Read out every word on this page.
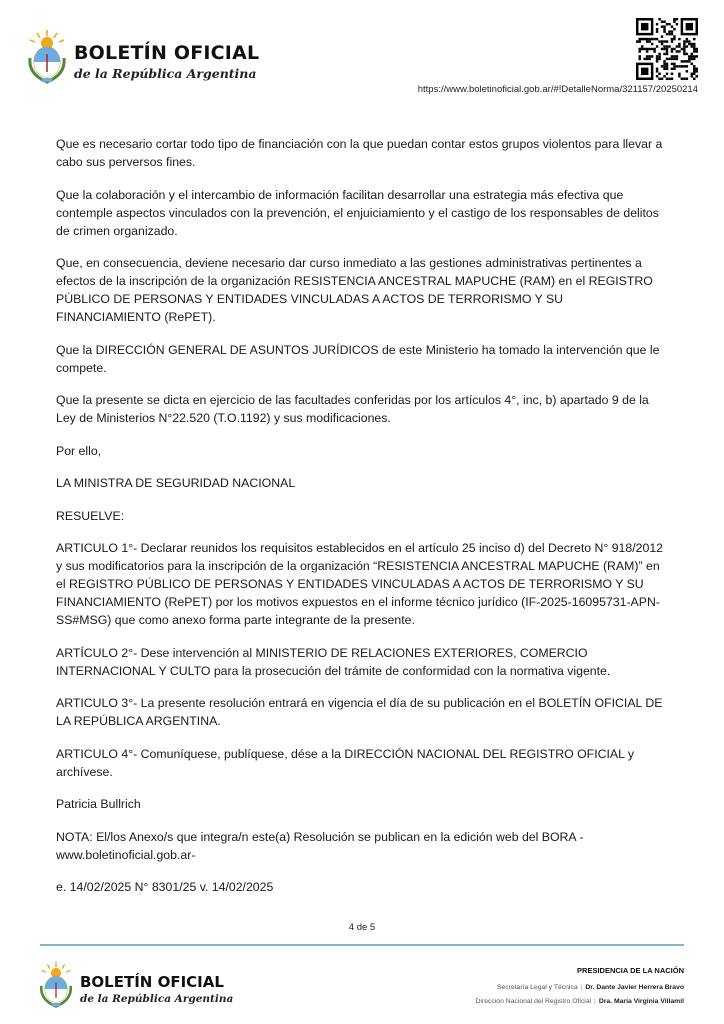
BOLETÍN OFICIAL
de la República Argentina
https://www.boletinoficial.gob.ar/#!DetalleNorma/321157/20250214

Que es necesario cortar todo tipo de financiación con la que puedan contar estos grupos violentos para llevar a cabo sus perversos fines.

Que la colaboración y el intercambio de información facilitan desarrollar una estrategia más efectiva que contemple aspectos vinculados con la prevención, el enjuiciamiento y el castigo de los responsables de delitos de crimen organizado.

Que, en consecuencia, deviene necesario dar curso inmediato a las gestiones administrativas pertinentes a efectos de la inscripción de la organización RESISTENCIA ANCESTRAL MAPUCHE (RAM) en el REGISTRO PÚBLICO DE PERSONAS Y ENTIDADES VINCULADAS A ACTOS DE TERRORISMO Y SU FINANCIAMIENTO (RePET).

Que la DIRECCIÓN GENERAL DE ASUNTOS JURÍDICOS de este Ministerio ha tomado la intervención que le compete.

Que la presente se dicta en ejercicio de las facultades conferidas por los artículos 4°, inc, b) apartado 9 de la Ley de Ministerios N°22.520 (T.O.1192) y sus modificaciones.

Por ello,

LA MINISTRA DE SEGURIDAD NACIONAL

RESUELVE:

ARTICULO 1°- Declarar reunidos los requisitos establecidos en el artículo 25 inciso d) del Decreto N° 918/2012 y sus modificatorios para la inscripción de la organización “RESISTENCIA ANCESTRAL MAPUCHE (RAM)” en el REGISTRO PÚBLICO DE PERSONAS Y ENTIDADES VINCULADAS A ACTOS DE TERRORISMO Y SU FINANCIAMIENTO (RePET) por los motivos expuestos en el informe técnico jurídico (IF-2025-16095731-APN-SS#MSG) que como anexo forma parte integrante de la presente.

ARTÍCULO 2°- Dese intervención al MINISTERIO DE RELACIONES EXTERIORES, COMERCIO INTERNACIONAL Y CULTO para la prosecución del trámite de conformidad con la normativa vigente.

ARTICULO 3°- La presente resolución entrará en vigencia el día de su publicación en el BOLETÍN OFICIAL DE LA REPÚBLICA ARGENTINA.

ARTICULO 4°- Comuníquese, publíquese, dése a la DIRECCIÓN NACIONAL DEL REGISTRO OFICIAL y archívese.

Patricia Bullrich

NOTA: El/los Anexo/s que integra/n este(a) Resolución se publican en la edición web del BORA -www.boletinoficial.gob.ar-

e. 14/02/2025 N° 8301/25 v. 14/02/2025

4 de 5
BOLETÍN OFICIAL
de la República Argentina
PRESIDENCIA DE LA NACIÓN
Secretaría Legal y Técnica | Dr. Dante Javier Herrera Bravo
Dirección Nacional del Registro Oficial | Dra. María Virginia Villamil
